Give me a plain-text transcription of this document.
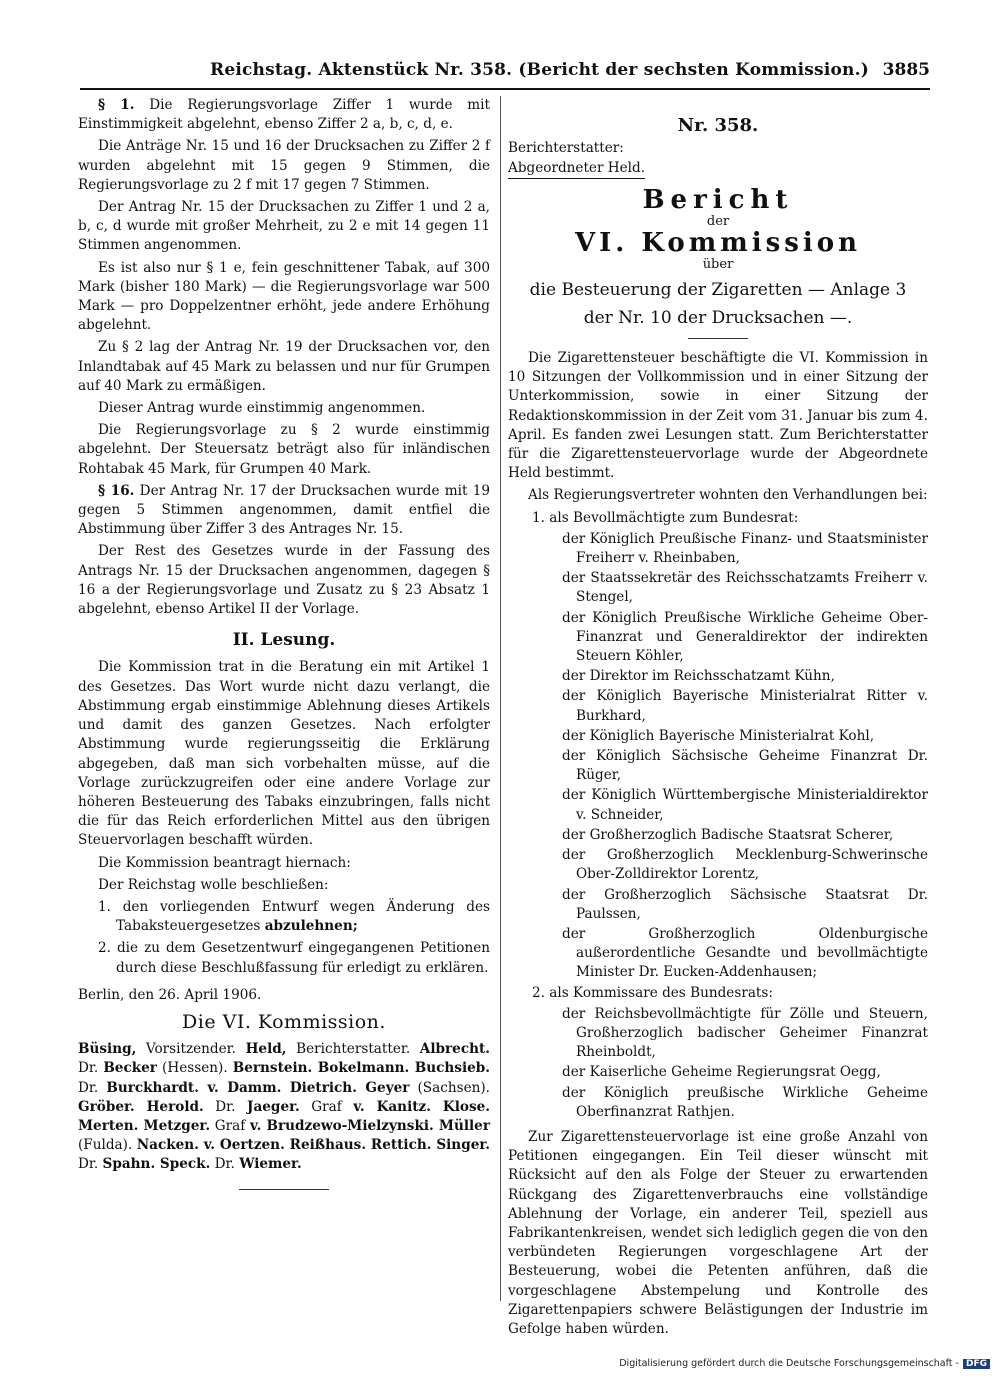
Reichstag. Aktenstück Nr. 358. (Bericht der sechsten Kommission.) 3885

§ 1. Die Regierungsvorlage Ziffer 1 wurde mit Einstimmigkeit abgelehnt, ebenso Ziffer 2 a, b, c, d, e.

Die Anträge Nr. 15 und 16 der Drucksachen zu Ziffer 2 f wurden abgelehnt mit 15 gegen 9 Stimmen, die Regierungsvorlage zu 2 f mit 17 gegen 7 Stimmen.

Der Antrag Nr. 15 der Drucksachen zu Ziffer 1 und 2 a, b, c, d wurde mit großer Mehrheit, zu 2 e mit 14 gegen 11 Stimmen angenommen.

Es ist also nur § 1 e, fein geschnittener Tabak, auf 300 Mark (bisher 180 Mark) — die Regierungsvorlage war 500 Mark — pro Doppelzentner erhöht, jede andere Erhöhung abgelehnt.

Zu § 2 lag der Antrag Nr. 19 der Drucksachen vor, den Inlandtabak auf 45 Mark zu belassen und nur für Grumpen auf 40 Mark zu ermäßigen.

Dieser Antrag wurde einstimmig angenommen.

Die Regierungsvorlage zu § 2 wurde einstimmig abgelehnt. Der Steuersatz beträgt also für inländischen Rohtabak 45 Mark, für Grumpen 40 Mark.

§ 16. Der Antrag Nr. 17 der Drucksachen wurde mit 19 gegen 5 Stimmen angenommen, damit entfiel die Abstimmung über Ziffer 3 des Antrages Nr. 15.

Der Rest des Gesetzes wurde in der Fassung des Antrags Nr. 15 der Drucksachen angenommen, dagegen § 16 a der Regierungsvorlage und Zusatz zu § 23 Absatz 1 abgelehnt, ebenso Artikel II der Vorlage.

II. Lesung.

Die Kommission trat in die Beratung ein mit Artikel 1 des Gesetzes. Das Wort wurde nicht dazu verlangt, die Abstimmung ergab einstimmige Ablehnung dieses Artikels und damit des ganzen Gesetzes. Nach erfolgter Abstimmung wurde regierungsseitig die Erklärung abgegeben, daß man sich vorbehalten müsse, auf die Vorlage zurückzugreifen oder eine andere Vorlage zur höheren Besteuerung des Tabaks einzubringen, falls nicht die für das Reich erforderlichen Mittel aus den übrigen Steuervorlagen beschafft würden.

Die Kommission beantragt hiernach:

Der Reichstag wolle beschließen:

1. den vorliegenden Entwurf wegen Änderung des Tabaksteuergesetzes abzulehnen;

2. die zu dem Gesetzentwurf eingegangenen Petitionen durch diese Beschlußfassung für erledigt zu erklären.

Berlin, den 26. April 1906.

Die VI. Kommission.

Büsing, Vorsitzender. Held, Berichterstatter. Albrecht. Dr. Becker (Hessen). Bernstein. Bokelmann. Buchsieb. Dr. Burckhardt. v. Damm. Dietrich. Geyer (Sachsen). Gröber. Herold. Dr. Jaeger. Graf v. Kanitz. Klose. Merten. Metzger. Graf v. Brudzewo-Mielzynski. Müller (Fulda). Nacken. v. Oertzen. Reißhaus. Rettich. Singer. Dr. Spahn. Speck. Dr. Wiemer.

Nr. 358.

Berichterstatter:

Abgeordneter Held.

Bericht
der
VI. Kommission
über
die Besteuerung der Zigaretten — Anlage 3
der Nr. 10 der Drucksachen —.

Die Zigarettensteuer beschäftigte die VI. Kommission in 10 Sitzungen der Vollkommission und in einer Sitzung der Unterkommission, sowie in einer Sitzung der Redaktionskommission in der Zeit vom 31. Januar bis zum 4. April. Es fanden zwei Lesungen statt. Zum Berichterstatter für die Zigarettensteuervorlage wurde der Abgeordnete Held bestimmt.

Als Regierungsvertreter wohnten den Verhandlungen bei:

1. als Bevollmächtigte zum Bundesrat:

der Königlich Preußische Finanz- und Staatsminister Freiherr v. Rheinbaben,

der Staatssekretär des Reichsschatzamts Freiherr v. Stengel,

der Königlich Preußische Wirkliche Geheime Ober-Finanzrat und Generaldirektor der indirekten Steuern Köhler,

der Direktor im Reichsschatzamt Kühn,

der Königlich Bayerische Ministerialrat Ritter v. Burkhard,

der Königlich Bayerische Ministerialrat Kohl,

der Königlich Sächsische Geheime Finanzrat Dr. Rüger,

der Königlich Württembergische Ministerialdirektor v. Schneider,

der Großherzoglich Badische Staatsrat Scherer,

der Großherzoglich Mecklenburg-Schwerinsche Ober-Zolldirektor Lorentz,

der Großherzoglich Sächsische Staatsrat Dr. Paulssen,

der Großherzoglich Oldenburgische außerordentliche Gesandte und bevollmächtigte Minister Dr. Eucken-Addenhausen;

2. als Kommissare des Bundesrats:

der Reichsbevollmächtigte für Zölle und Steuern, Großherzoglich badischer Geheimer Finanzrat Rheinboldt,

der Kaiserliche Geheime Regierungsrat Oegg,

der Königlich preußische Wirkliche Geheime Oberfinanzrat Rathjen.

Zur Zigarettensteuervorlage ist eine große Anzahl von Petitionen eingegangen. Ein Teil dieser wünscht mit Rücksicht auf den als Folge der Steuer zu erwartenden Rückgang des Zigarettenverbrauchs eine vollständige Ablehnung der Vorlage, ein anderer Teil, speziell aus Fabrikantenkreisen, wendet sich lediglich gegen die von den verbündeten Regierungen vorgeschlagene Art der Besteuerung, wobei die Petenten anführen, daß die vorgeschlagene Abstempelung und Kontrolle des Zigarettenpapiers schwere Belästigungen der Industrie im Gefolge haben würden.

Digitalisierung gefördert durch die Deutsche Forschungsgemeinschaft - DFG
